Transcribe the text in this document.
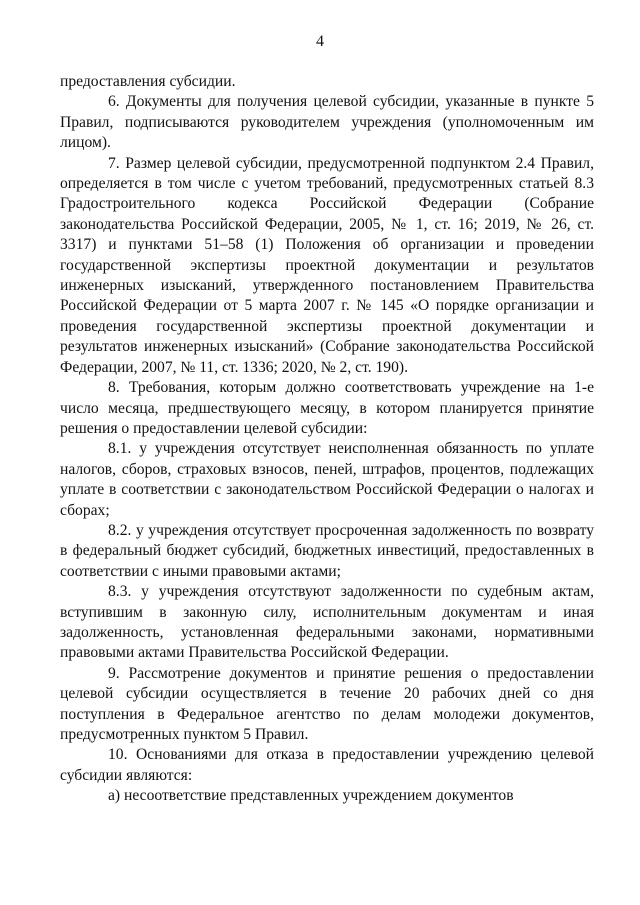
4

предоставления субсидии.

6. Документы для получения целевой субсидии, указанные в пункте 5 Правил, подписываются руководителем учреждения (уполномоченным им лицом).

7. Размер целевой субсидии, предусмотренной подпунктом 2.4 Правил, определяется в том числе с учетом требований, предусмотренных статьей 8.3 Градостроительного кодекса Российской Федерации (Собрание законодательства Российской Федерации, 2005, № 1, ст. 16; 2019, № 26, ст. 3317) и пунктами 51–58 (1) Положения об организации и проведении государственной экспертизы проектной документации и результатов инженерных изысканий, утвержденного постановлением Правительства Российской Федерации от 5 марта 2007 г. № 145 «О порядке организации и проведения государственной экспертизы проектной документации и результатов инженерных изысканий» (Собрание законодательства Российской Федерации, 2007, № 11, ст. 1336; 2020, № 2, ст. 190).

8. Требования, которым должно соответствовать учреждение на 1-е число месяца, предшествующего месяцу, в котором планируется принятие решения о предоставлении целевой субсидии:

8.1. у учреждения отсутствует неисполненная обязанность по уплате налогов, сборов, страховых взносов, пеней, штрафов, процентов, подлежащих уплате в соответствии с законодательством Российской Федерации о налогах и сборах;

8.2. у учреждения отсутствует просроченная задолженность по возврату в федеральный бюджет субсидий, бюджетных инвестиций, предоставленных в соответствии с иными правовыми актами;

8.3. у учреждения отсутствуют задолженности по судебным актам, вступившим в законную силу, исполнительным документам и иная задолженность, установленная федеральными законами, нормативными правовыми актами Правительства Российской Федерации.

9. Рассмотрение документов и принятие решения о предоставлении целевой субсидии осуществляется в течение 20 рабочих дней со дня поступления в Федеральное агентство по делам молодежи документов, предусмотренных пунктом 5 Правил.

10. Основаниями для отказа в предоставлении учреждению целевой субсидии являются:

а) несоответствие представленных учреждением документов
